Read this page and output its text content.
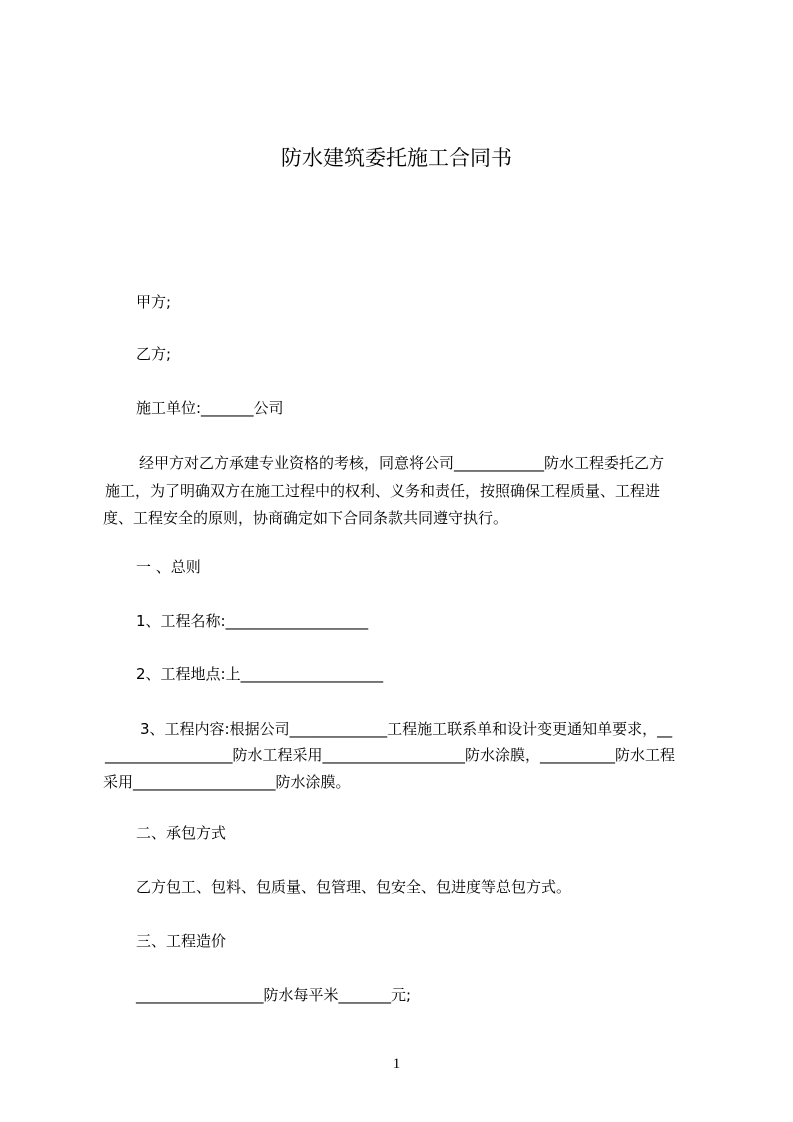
防水建筑委托施工合同书
甲方;
乙方;
施工单位:_______公司
经甲方对乙方承建专业资格的考核，同意将公司____________防水工程委托乙方
施工，为了明确双方在施工过程中的权利、义务和责任，按照确保工程质量、工程进
度、工程安全的原则，协商确定如下合同条款共同遵守执行。
一 、总则
1、工程名称:___________________
2、工程地点:上___________________
3、工程内容:根据公司_____________工程施工联系单和设计变更通知单要求，__
_________________防水工程采用___________________防水涂膜，__________防水工程
采用___________________防水涂膜。
二、承包方式
乙方包工、包料、包质量、包管理、包安全、包进度等总包方式。
三、工程造价
_________________防水每平米_______元;
1
